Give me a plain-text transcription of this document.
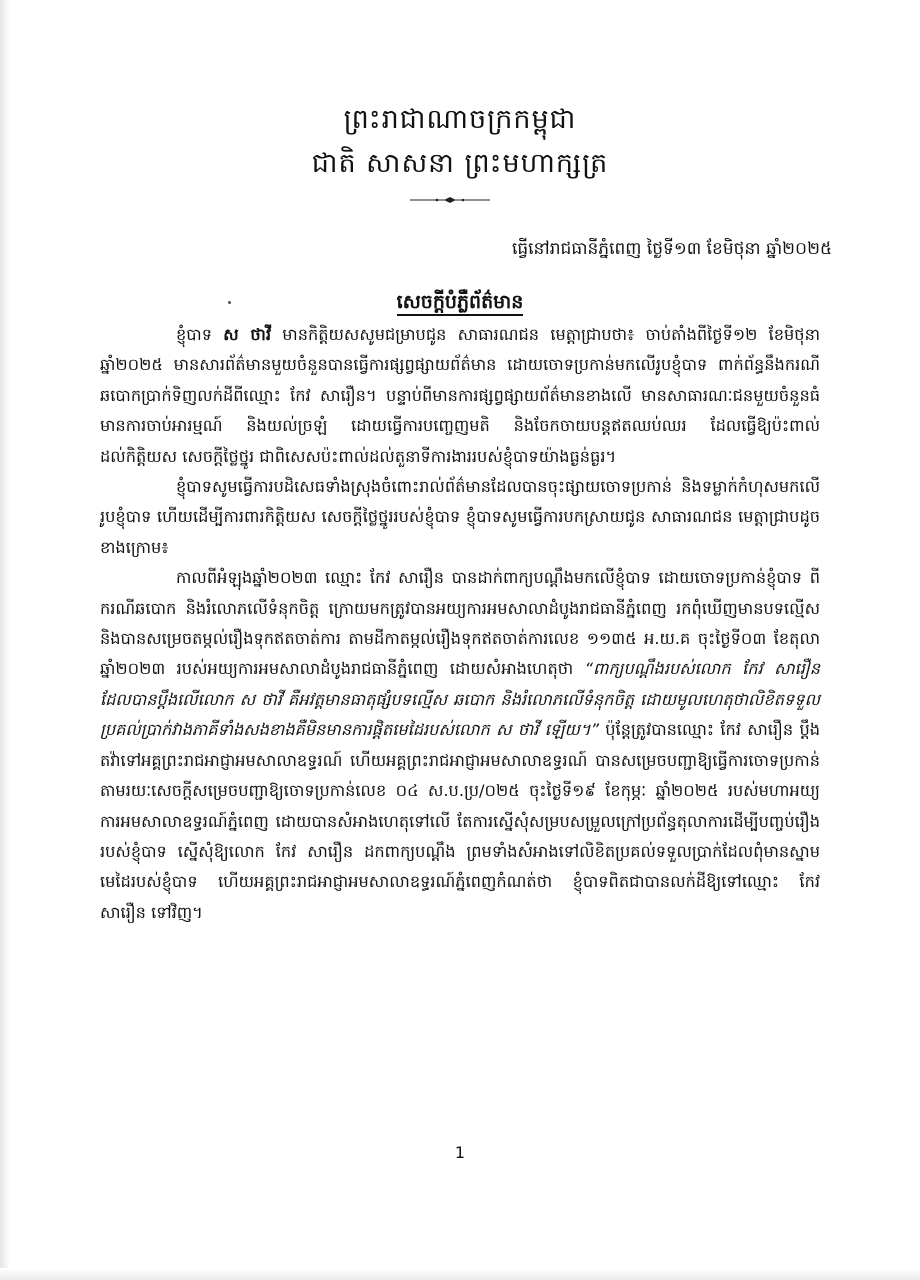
ព្រះរាជាណាចក្រកម្ពុជា
ជាតិ សាសនា ព្រះមហាក្សត្រ
ធ្វើនៅរាជធានីភ្នំពេញ ថ្ងៃទី១៣ ខែមិថុនា ឆ្នាំ២០២៥
សេចក្តីបំភ្លឺព័ត៌មាន

ខ្ញុំបាទ ស ថាវី មានកិត្តិយសសូមជម្រាបជូន សាធារណជន មេត្តាជ្រាបថា៖ ចាប់តាំងពីថ្ងៃទី១២ ខែមិថុនា ឆ្នាំ២០២៥ មានសារព័ត៌មានមួយចំនួនបានធ្វើការផ្សព្វផ្សាយព័ត៌មាន ដោយចោទប្រកាន់មកលើរូបខ្ញុំបាទ ពាក់ព័ន្ធនឹងករណីឆបោកប្រាក់ទិញលក់ដីពីឈ្មោះ កែវ សារឿន។ បន្ទាប់ពីមានការផ្សព្វផ្សាយព័ត៌មានខាងលើ មានសាធារណៈជនមួយចំនួនធំមានការចាប់អារម្មណ៍ និងយល់ច្រឡំ ដោយធ្វើការបញ្ចេញមតិ និងចែកចាយបន្តឥតឈប់ឈរ ដែលធ្វើឱ្យប៉ះពាល់ដល់កិត្តិយស សេចក្តីថ្លៃថ្នូរ ជាពិសេសប៉ះពាល់ដល់តួនាទីការងាររបស់ខ្ញុំបាទយ៉ាងធ្ងន់ធ្ងរ។

ខ្ញុំបាទសូមធ្វើការបដិសេធទាំងស្រុងចំពោះរាល់ព័ត៌មានដែលបានចុះផ្សាយចោទប្រកាន់ និងទម្លាក់កំហុសមកលើរូបខ្ញុំបាទ ហើយដើម្បីការពារកិត្តិយស សេចក្តីថ្លៃថ្នូររបស់ខ្ញុំបាទ ខ្ញុំបាទសូមធ្វើការបកស្រាយជូន សាធារណជន មេត្តាជ្រាបដូចខាងក្រោម៖

កាលពីអំឡុងឆ្នាំ២០២៣ ឈ្មោះ កែវ សារឿន បានដាក់ពាក្យបណ្តឹងមកលើខ្ញុំបាទ ដោយចោទប្រកាន់ខ្ញុំបាទ ពីករណីឆបោក និងរំលោភលើទំនុកចិត្ត ក្រោយមកត្រូវបានអយ្យការអមសាលាដំបូងរាជធានីភ្នំពេញ រកពុំឃើញមានបទល្មើស និងបានសម្រេចតម្កល់រឿងទុកឥតចាត់ការ តាមដីកាតម្កល់រឿងទុកឥតចាត់ការលេខ ១១៣៥ អ.យ.គ ចុះថ្ងៃទី០៣ ខែតុលា ឆ្នាំ២០២៣ របស់អយ្យការអមសាលាដំបូងរាជធានីភ្នំពេញ ដោយសំអាងហេតុថា “ពាក្យបណ្តឹងរបស់លោក កែវ សារឿន ដែលបានប្តឹងលើលោក ស ថាវី គឺអវត្តមានធាតុផ្សំបទល្មើស ឆបោក និងរំលោភលើទំនុកចិត្ត ដោយមូលហេតុថាលិខិតទទួល ប្រគល់ប្រាក់វាងភាគីទាំងសងខាងគឺមិនមានការផ្តិតមេដៃរបស់លោក ស ថាវី ឡើយ។” ប៉ុន្តែត្រូវបានឈ្មោះ កែវ សារឿន ប្តឹងតវ៉ាទៅអគ្គព្រះរាជអាជ្ញាអមសាលាឧទ្ធរណ៍ ហើយអគ្គព្រះរាជអាជ្ញាអមសាលាឧទ្ធរណ៍ បានសម្រេចបញ្ជាឱ្យធ្វើការចោទប្រកាន់ តាមរយៈសេចក្តីសម្រេចបញ្ជាឱ្យចោទប្រកាន់លេខ ០៤ ស.ប.ប្រ/០២៥ ចុះថ្ងៃទី១៩ ខែកុម្ភៈ ឆ្នាំ២០២៥ របស់មហាអយ្យការអមសាលាឧទ្ធរណ៍ភ្នំពេញ ដោយបានសំអាងហេតុទៅលើ តែការស្នើសុំសម្របសម្រួលក្រៅប្រព័ន្ធតុលាការដើម្បីបញ្ចប់រឿងរបស់ខ្ញុំបាទ ស្នើសុំឱ្យលោក កែវ សារឿន ដកពាក្យបណ្តឹង ព្រមទាំងសំអាងទៅលិខិតប្រគល់ទទួលប្រាក់ដែលពុំមានស្នាមមេដៃរបស់ខ្ញុំបាទ ហើយអគ្គព្រះរាជអាជ្ញាអមសាលាឧទ្ធរណ៍ភ្នំពេញកំណត់ថា ខ្ញុំបាទពិតជាបានលក់ដីឱ្យទៅឈ្មោះ កែវ សារឿន ទៅវិញ។

1
